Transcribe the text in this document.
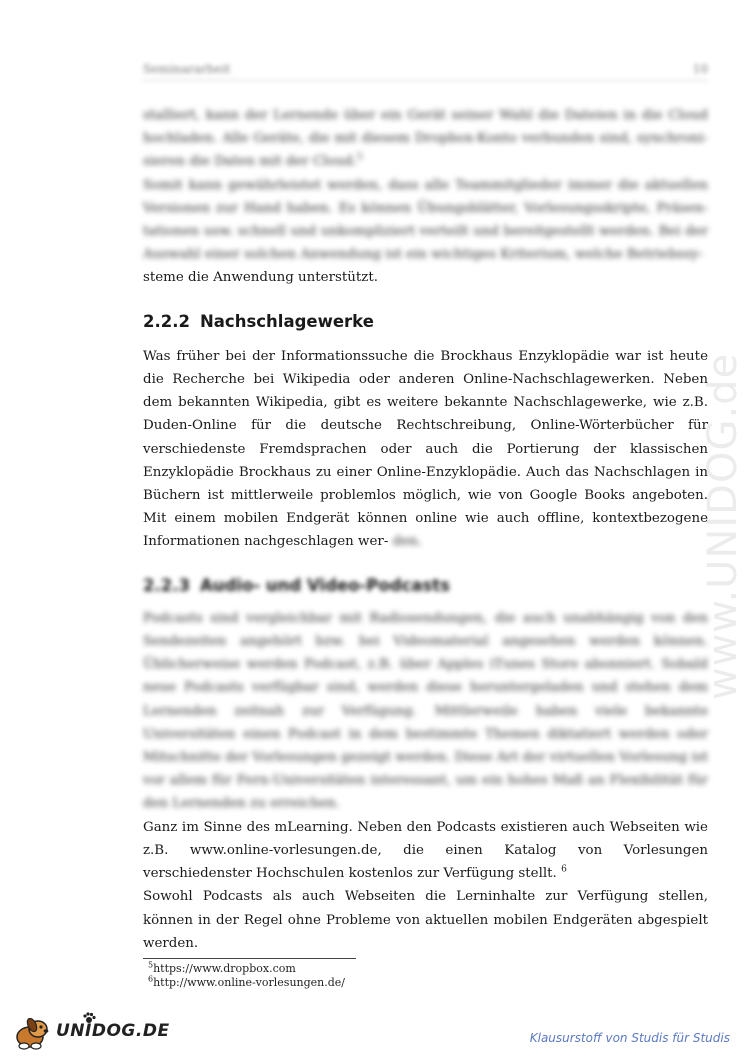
www.UNIDOG.de
Seminararbeit	10

stalliert, kann der Lernende über ein Gerät seiner Wahl die Dateien in die Cloud hochladen. Alle Geräte, die mit diesem Dropbox-Konto verbunden sind, synchroni- sieren die Daten mit der Cloud.$^5$
Somit kann gewährleistet werden, dass alle Teammitglieder immer die aktuellen Versionen zur Hand haben. Es können Übungsblätter, Vorlesungsskripte, Präsen- tationen usw. schnell und unkompliziert verteilt und bereitgestellt werden. Bei der Auswahl einer solchen Anwendung ist ein wichtiges Kriterium, welche Betriebssy-

steme die Anwendung unterstützt.

2.2.2 Nachschlagewerke

Was früher bei der Informationssuche die Brockhaus Enzyklopädie war ist heute die Recherche bei Wikipedia oder anderen Online-Nachschlagewerken. Neben dem bekannten Wikipedia, gibt es weitere bekannte Nachschlagewerke, wie z.B. Duden-Online für die deutsche Rechtschreibung, Online-Wörterbücher für verschiedenste Fremdsprachen oder auch die Portierung der klassischen Enzyklopädie Brockhaus zu einer Online-Enzyklopädie. Auch das Nachschlagen in Büchern ist mittlerweile problemlos möglich, wie von Google Books angeboten. Mit einem mobilen Endgerät können online wie auch offline, kontextbezogene Informationen nachgeschlagen wer- den.

2.2.3 Audio- und Video-Podcasts

Podcasts sind vergleichbar mit Radiosendungen, die auch unabhängig von den Sendezeiten angehört bzw. bei Videomaterial angesehen werden können. Üblicherweise werden Podcast, z.B. über Apples iTunes Store abonniert. Sobald neue Podcasts verfügbar sind, werden diese heruntergeladen und stehen dem Lernenden zeitnah zur Verfügung. Mittlerweile haben viele bekannte Universitäten einen Podcast in dem bestimmte Themen diktatiert werden oder Mitschnitte der Vorlesungen gezeigt werden. Diese Art der virtuellen Vorlesung ist vor allem für Fern-Universitäten interessant, um ein hohes Maß an Flexibilität für den Lernenden zu erreichen.

Ganz im Sinne des mLearning. Neben den Podcasts existieren auch Webseiten wie z.B. www.online-vorlesungen.de, die einen Katalog von Vorlesungen verschiedenster Hochschulen kostenlos zur Verfügung stellt. $^6$

Sowohl Podcasts als auch Webseiten die Lerninhalte zur Verfügung stellen, können in der Regel ohne Probleme von aktuellen mobilen Endgeräten abgespielt werden.

$^5$https://www.dropbox.com
$^6$http://www.online-vorlesungen.de/
UNIDOG.DE	Klausurstoff von Studis für Studis
